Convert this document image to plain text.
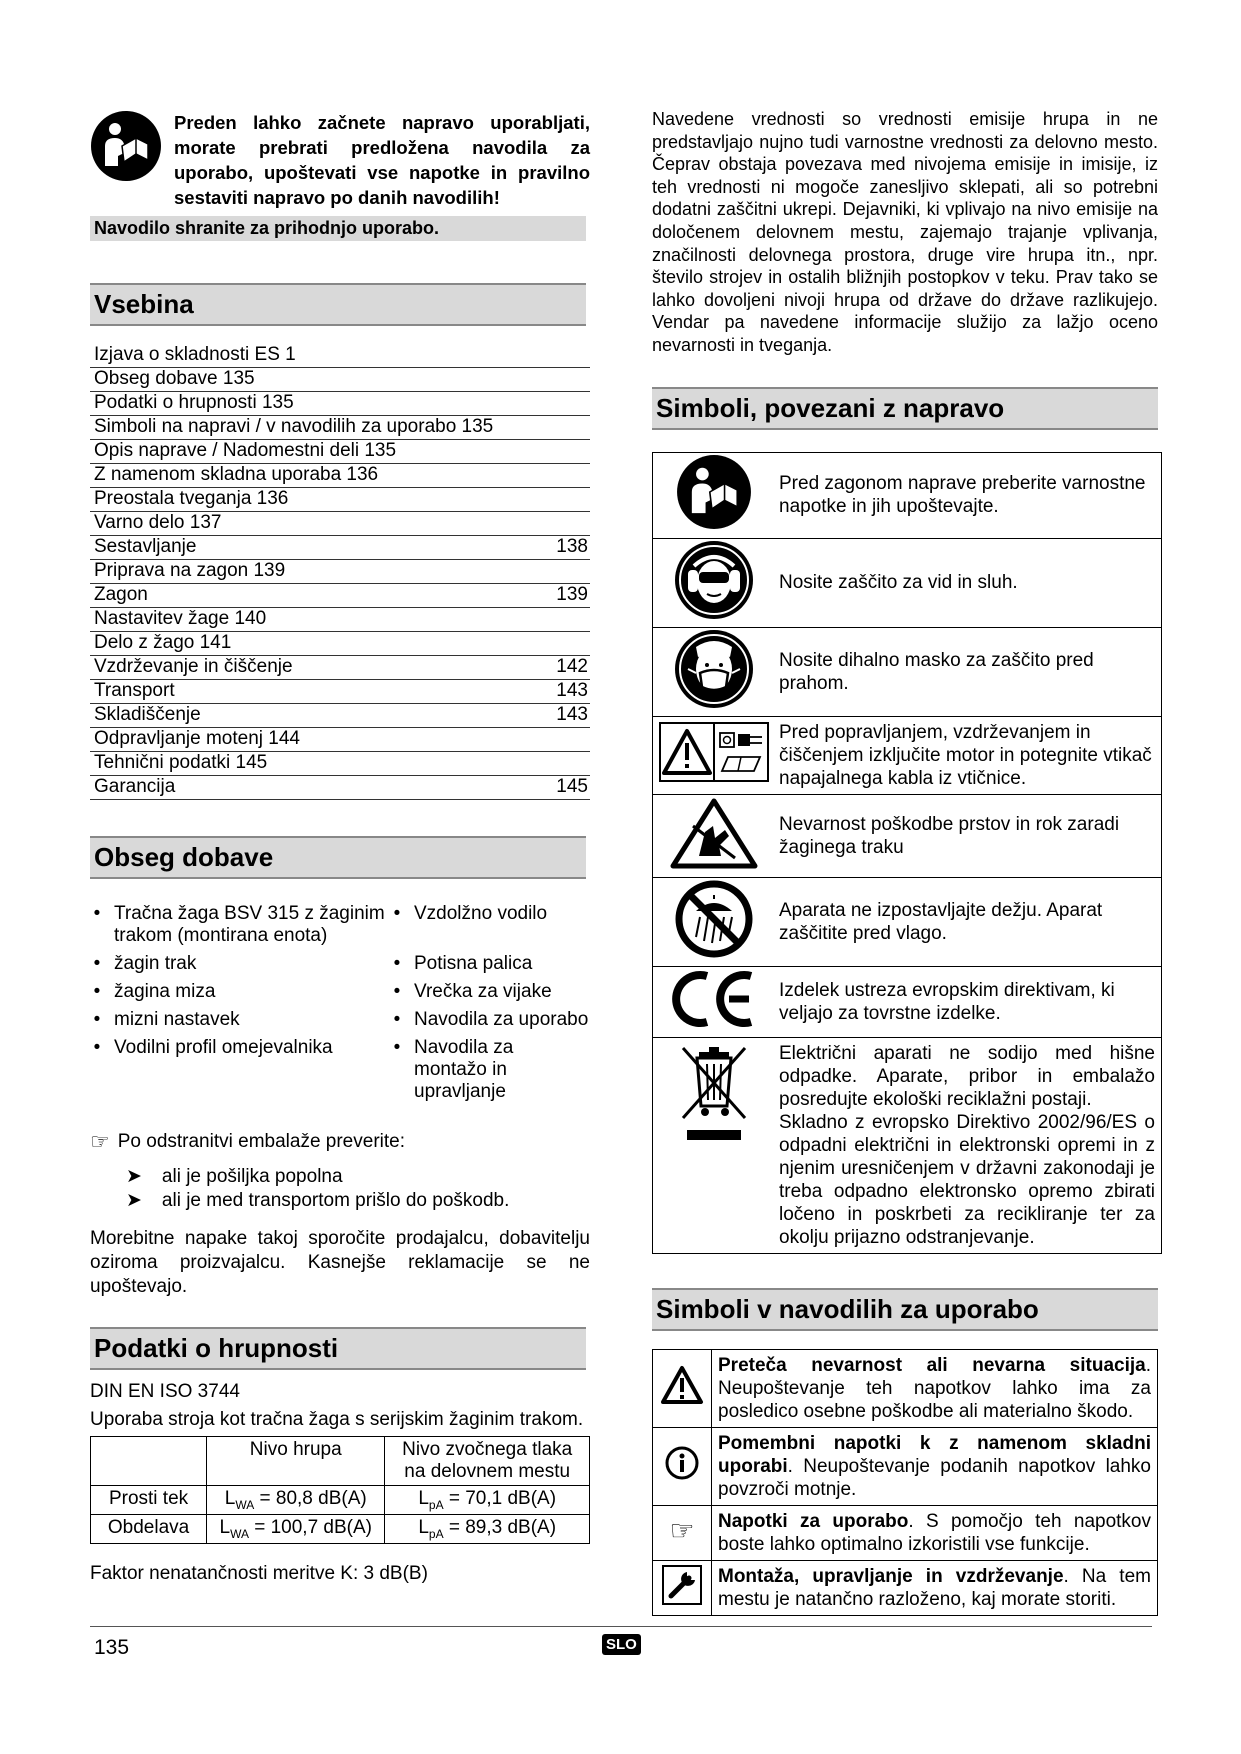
Preden lahko začnete napravo uporabljati, morate prebrati predložena navodila za uporabo, upoštevati vse napotke in pravilno sestaviti napravo po danih navodilih!
Navodilo shranite za prihodnjo uporabo.
Vsebina
Izjava o skladnosti ES 1
Obseg dobave 135
Podatki o hrupnosti 135
Simboli na napravi / v navodilih za uporabo 135
Opis naprave / Nadomestni deli 135
Z namenom skladna uporaba 136
Preostala tveganja 136
Varno delo 137
Sestavljanje	138
Priprava na zagon 139
Zagon	139
Nastavitev žage 140
Delo z žago 141
Vzdrževanje in čiščenje	142
Transport	143
Skladiščenje	143
Odpravljanje motenj 144
Tehnični podatki 145
Garancija	145
Obseg dobave
• Tračna žaga BSV 315 z žaginim trakom (montirana enota)
• Vzdolžno vodilo
• žagin trak	• Potisna palica
• žagina miza	• Vrečka za vijake
• mizni nastavek	• Navodila za uporabo
• Vodilni profil omejevalnika	• Navodila za montažo in upravljanje
☞ Po odstranitvi embalaže preverite:
➤ ali je pošiljka popolna
➤ ali je med transportom prišlo do poškodb.
Morebitne napake takoj sporočite prodajalcu, dobavitelju oziroma proizvajalcu. Kasnejše reklamacije se ne upoštevajo.
Podatki o hrupnosti
DIN EN ISO 3744
Uporaba stroja kot tračna žaga s serijskim žaginim trakom.
	Nivo hrupa	Nivo zvočnega tlaka na delovnem mestu
Prosti tek	$L_{WA} = 80,8$ dB(A)	$L_{pA} = 70,1$ dB(A)
Obdelava	$L_{WA} = 100,7$ dB(A)	$L_{pA} = 89,3$ dB(A)
Faktor nenatančnosti meritve K: 3 dB(B)
Navedene vrednosti so vrednosti emisije hrupa in ne predstavljajo nujno tudi varnostne vrednosti za delovno mesto. Čeprav obstaja povezava med nivojema emisije in imisije, iz teh vrednosti ni mogoče zanesljivo sklepati, ali so potrebni dodatni zaščitni ukrepi. Dejavniki, ki vplivajo na nivo emisije na določenem delovnem mestu, zajemajo trajanje vplivanja, značilnosti delovnega prostora, druge vire hrupa itn., npr. število strojev in ostalih bližnjih postopkov v teku. Prav tako se lahko dovoljeni nivoji hrupa od države do države razlikujejo. Vendar pa navedene informacije služijo za lažjo oceno nevarnosti in tveganja.
Simboli, povezani z napravo
	Pred zagonom naprave preberite varnostne napotke in jih upoštevajte.
	Nosite zaščito za vid in sluh.
	Nosite dihalno masko za zaščito pred prahom.
	Pred popravljanjem, vzdrževanjem in čiščenjem izključite motor in potegnite vtikač napajalnega kabla iz vtičnice.
	Nevarnost poškodbe prstov in rok zaradi žaginega traku
	Aparata ne izpostavljajte dežju. Aparat zaščitite pred vlago.
	Izdelek ustreza evropskim direktivam, ki veljajo za tovrstne izdelke.

Električni aparati ne sodijo med hišne odpadke. Aparate, pribor in embalažo posredujte ekološki reciklažni postaji.
Skladno z evropsko Direktivo 2002/96/ES o odpadni električni in elektronski opremi in z njenim uresničenjem v državni zakonodaji je treba odpadno elektronsko opremo zbirati ločeno in poskrbeti za recikliranje ter za okolju prijazno odstranjevanje.
Simboli v navodilih za uporabo
	Preteča nevarnost ali nevarna situacija. Neupoštevanje teh napotkov lahko ima za posledico osebne poškodbe ali materialno škodo.
	Pomembni napotki k z namenom skladni uporabi. Neupoštevanje podanih napotkov lahko povzroči motnje.
☞	Napotki za uporabo. S pomočjo teh napotkov boste lahko optimalno izkoristili vse funkcije.
	Montaža, upravljanje in vzdrževanje. Na tem mestu je natančno razloženo, kaj morate storiti.
135	SLO
